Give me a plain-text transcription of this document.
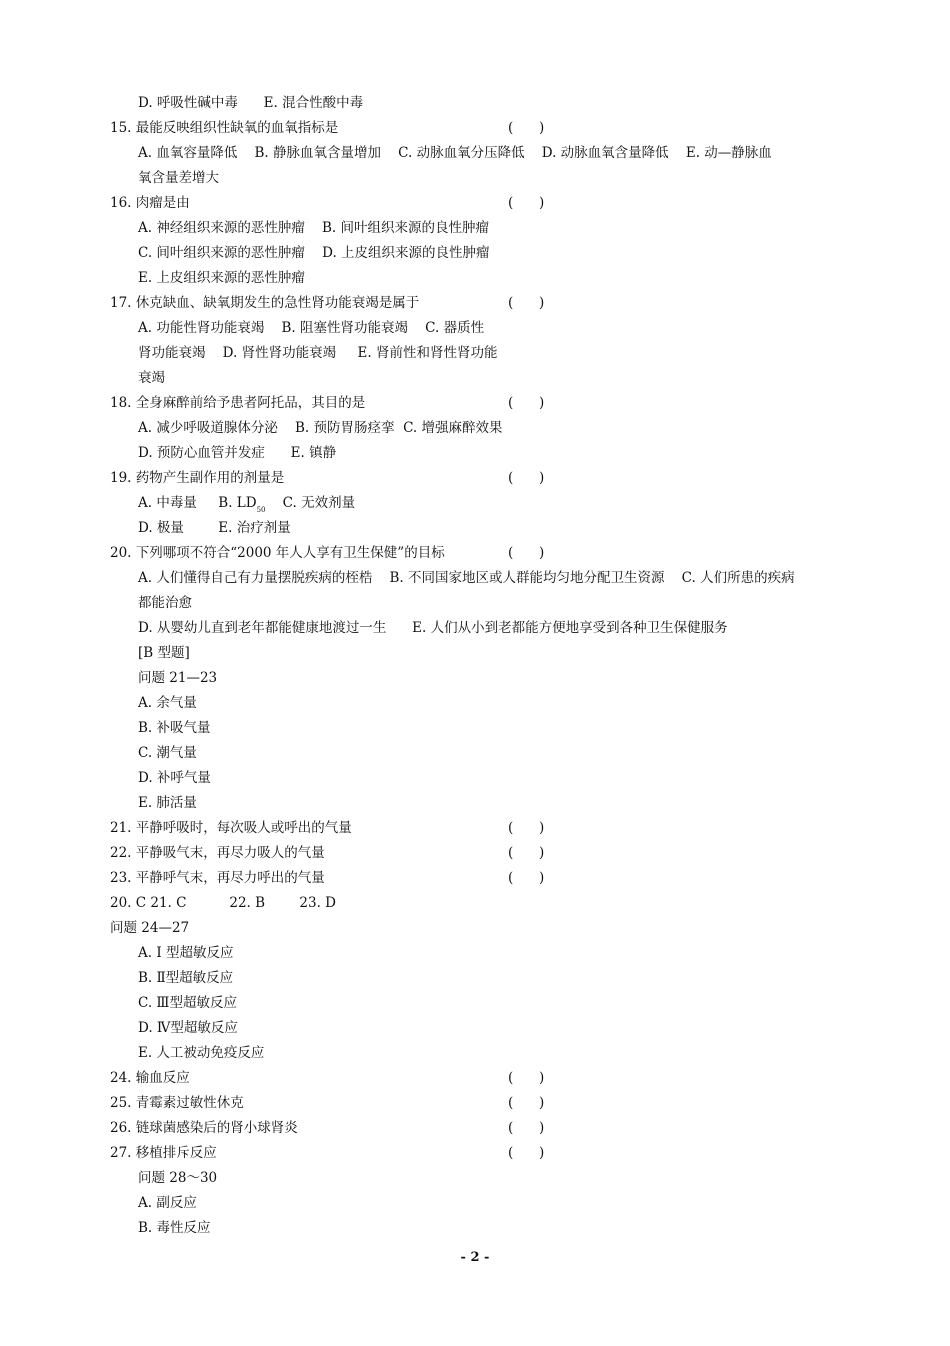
D. 呼吸性碱中毒      E. 混合性酸中毒
15. 最能反映组织性缺氧的血氧指标是	(      )
A. 血氧容量降低    B. 静脉血氧含量增加    C. 动脉血氧分压降低    D. 动脉血氧含量降低    E. 动—静脉血
氧含量差增大
16. 肉瘤是由	(      )
A. 神经组织来源的恶性肿瘤    B. 间叶组织来源的良性肿瘤
C. 间叶组织来源的恶性肿瘤    D. 上皮组织来源的良性肿瘤
E. 上皮组织来源的恶性肿瘤
17. 休克缺血、缺氧期发生的急性肾功能衰竭是属于	(      )
A. 功能性肾功能衰竭    B. 阻塞性肾功能衰竭    C. 器质性
肾功能衰竭    D. 肾性肾功能衰竭     E. 肾前性和肾性肾功能
衰竭
18. 全身麻醉前给予患者阿托品，其目的是	(      )
A. 减少呼吸道腺体分泌    B. 预防胃肠痉挛  C. 增强麻醉效果
D. 预防心血管并发症      E. 镇静
19. 药物产生副作用的剂量是	(      )
A. 中毒量     B. $LD_{50}$    C. 无效剂量
D. 极量        E. 治疗剂量
20. 下列哪项不符合“2000 年人人享有卫生保健”的目标	(      )
A. 人们懂得自己有力量摆脱疾病的桎梏    B. 不同国家地区或人群能均匀地分配卫生资源    C. 人们所患的疾病
都能治愈
D. 从婴幼儿直到老年都能健康地渡过一生      E. 人们从小到老都能方便地享受到各种卫生保健服务
[B 型题]
问题 21—23
A. 余气量
B. 补吸气量
C. 潮气量
D. 补呼气量
E. 肺活量
21. 平静呼吸时，每次吸人或呼出的气量	(      )
22. 平静吸气末，再尽力吸人的气量	(      )
23. 平静呼气末，再尽力呼出的气量	(      )
20. C 21. C          22. B        23. D
问题 24—27
A. I 型超敏反应
B. Ⅱ型超敏反应
C. Ⅲ型超敏反应
D. Ⅳ型超敏反应
E. 人工被动免疫反应
24. 输血反应	(      )
25. 青霉素过敏性休克	(      )
26. 链球菌感染后的肾小球肾炎	(      )
27. 移植排斥反应	(      )
问题 28～30
A. 副反应
B. 毒性反应
- 2 -
